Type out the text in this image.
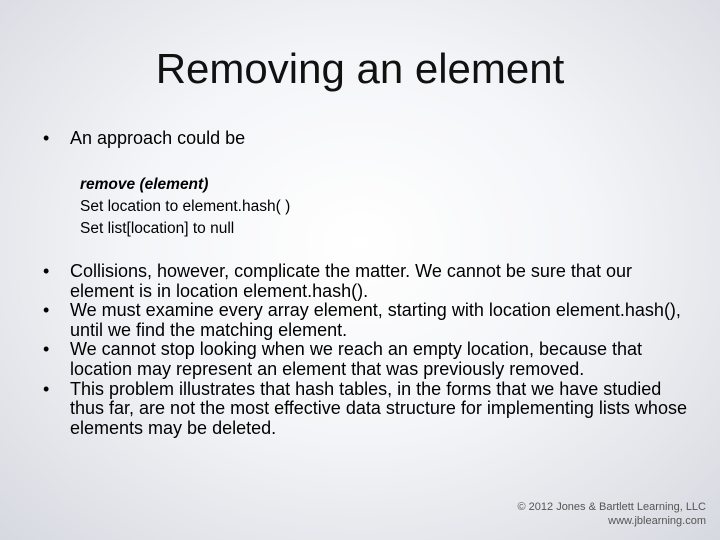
Removing an element
• An approach could be
remove (element)
Set location to element.hash( )
Set list[location] to null

• Collisions, however, complicate the matter. We cannot be sure that our element is in location element.hash().

• We must examine every array element, starting with location element.hash(), until we find the matching element.

• We cannot stop looking when we reach an empty location, because that location may represent an element that was previously removed.

• This problem illustrates that hash tables, in the forms that we have studied thus far, are not the most effective data structure for implementing lists whose elements may be deleted.

© 2012 Jones & Bartlett Learning, LLC
www.jblearning.com
